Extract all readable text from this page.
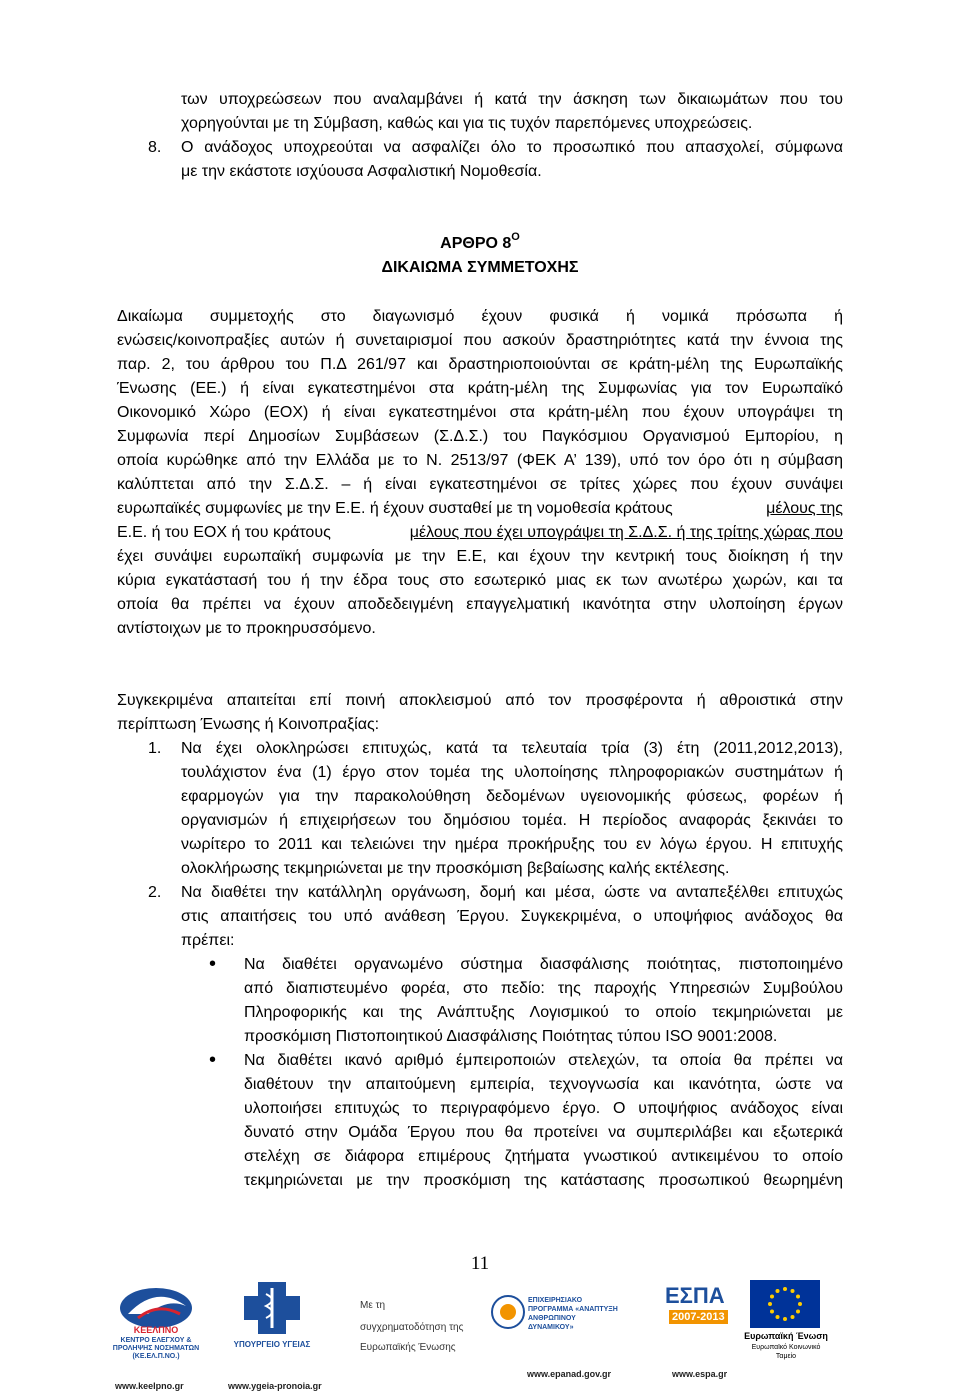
των υποχρεώσεων που αναλαμβάνει ή κατά την άσκηση των δικαιωμάτων που του
χορηγούνται με τη Σύμβαση, καθώς και για τις τυχόν παρεπόμενες υποχρεώσεις.
8. Ο ανάδοχος υποχρεούται να ασφαλίζει όλο το προσωπικό που απασχολεί, σύμφωνα
με την εκάστοτε ισχύουσα Ασφαλιστική Νομοθεσία.
ΑΡΘΡΟ $8^O$
ΔΙΚΑΙΩΜΑ ΣΥΜΜΕΤΟΧΗΣ
Δικαίωμα συμμετοχής στο διαγωνισμό έχουν φυσικά ή νομικά πρόσωπα ή
ενώσεις/κοινοπραξίες αυτών ή συνεταιρισμοί που ασκούν δραστηριότητες κατά την έννοια της
παρ. 2, του άρθρου του Π.Δ 261/97 και δραστηριοποιούνται σε κράτη-μέλη της Ευρωπαϊκής
Ένωσης (ΕΕ.) ή είναι εγκατεστημένοι στα κράτη-μέλη της Συμφωνίας για τον Ευρωπαϊκό
Οικονομικό Χώρο (ΕΟΧ) ή είναι εγκατεστημένοι στα κράτη-μέλη που έχουν υπογράψει τη
Συμφωνία περί Δημοσίων Συμβάσεων (Σ.Δ.Σ.) του Παγκόσμιου Οργανισμού Εμπορίου, η
οποία κυρώθηκε από την Ελλάδα με το Ν. 2513/97 (ΦΕΚ Α’ 139), υπό τον όρο ότι η σύμβαση
καλύπτεται από την Σ.Δ.Σ. – ή είναι εγκατεστημένοι σε τρίτες χώρες που έχουν συνάψει
ευρωπαϊκές συμφωνίες με την Ε.Ε. ή έχουν συσταθεί με τη νομοθεσία κράτους	μέλους της
Ε.Ε. ή του ΕΟΧ ή του κράτους	μέλους που έχει υπογράψει τη Σ.Δ.Σ. ή της τρίτης χώρας που
έχει συνάψει ευρωπαϊκή συμφωνία με την Ε.Ε, και έχουν την κεντρική τους διοίκηση ή την
κύρια εγκατάστασή του ή την έδρα τους στο εσωτερικό μιας εκ των ανωτέρω χωρών, και τα
οποία θα πρέπει να έχουν αποδεδειγμένη επαγγελματική ικανότητα στην υλοποίηση έργων
αντίστοιχων με το προκηρυσσόμενο.
Συγκεκριμένα απαιτείται επί ποινή αποκλεισμού από τον προσφέροντα ή αθροιστικά στην
περίπτωση Ένωσης ή Κοινοπραξίας:
1. Να έχει ολοκληρώσει επιτυχώς, κατά τα τελευταία τρία (3) έτη (2011,2012,2013),
τουλάχιστον ένα (1) έργο στον τομέα της υλοποίησης πληροφοριακών συστημάτων ή
εφαρμογών για την παρακολούθηση δεδομένων υγειονομικής φύσεως, φορέων ή
οργανισμών ή επιχειρήσεων του δημόσιου τομέα. Η περίοδος αναφοράς ξεκινάει το
νωρίτερο το 2011 και τελειώνει την ημέρα προκήρυξης του εν λόγω έργου. Η επιτυχής
ολοκλήρωσης τεκμηριώνεται με την προσκόμιση βεβαίωσης καλής εκτέλεσης.
2. Να διαθέτει την κατάλληλη οργάνωση, δομή και μέσα, ώστε να ανταπεξέλθει επιτυχώς
στις απαιτήσεις του υπό ανάθεση Έργου. Συγκεκριμένα, ο υποψήφιος ανάδοχος θα
πρέπει:
• Να διαθέτει οργανωμένο σύστημα διασφάλισης ποιότητας, πιστοποιημένο
από διαπιστευμένο φορέα, στο πεδίο: της παροχής Υπηρεσιών Συμβούλου
Πληροφορικής και της Ανάπτυξης Λογισμικού το οποίο τεκμηριώνεται με
προσκόμιση Πιστοποιητικού Διασφάλισης Ποιότητας τύπου ISO 9001:2008.
• Να διαθέτει ικανό αριθμό έμπειροποιών στελεχών, τα οποία θα πρέπει να
διαθέτουν την απαιτούμενη εμπειρία, τεχνογνωσία και ικανότητα, ώστε να
υλοποιήσει επιτυχώς το περιγραφόμενο έργο. Ο υποψήφιος ανάδοχος είναι
δυνατό στην Ομάδα Έργου που θα προτείνει να συμπεριλάβει και εξωτερικά
στελέχη σε διάφορα επιμέρους ζητήματα γνωστικού αντικειμένου το οποίο
τεκμηριώνεται με την προσκόμιση της κατάστασης προσωπικού θεωρημένη
11
ΚΕΕΛΠΝΟ
ΚΕΝΤΡΟ ΕΛΕΓΧΟΥ & ΠΡΟΛΗΨΗΣ ΝΟΣΗΜΑΤΩΝ (ΚΕ.ΕΛ.Π.ΝΟ.)
www.keelpno.gr
ΥΠΟΥΡΓΕΙΟ ΥΓΕΙΑΣ
www.ygeia-pronoia.gr
Με τη
συγχρηματοδότηση της
Ευρωπαϊκής Ένωσης
ΕΠΙΧΕΙΡΗΣΙΑΚΟ ΠΡΟΓΡΑΜΜΑ «ΑΝΑΠΤΥΞΗ ΑΝΘΡΩΠΙΝΟΥ ΔΥΝΑΜΙΚΟΥ»
www.epanad.gov.gr
ΕΣΠΑ
2007-2013
www.espa.gr
Ευρωπαϊκή Ένωση
Ευρωπαϊκό Κοινωνικό Ταμείο
